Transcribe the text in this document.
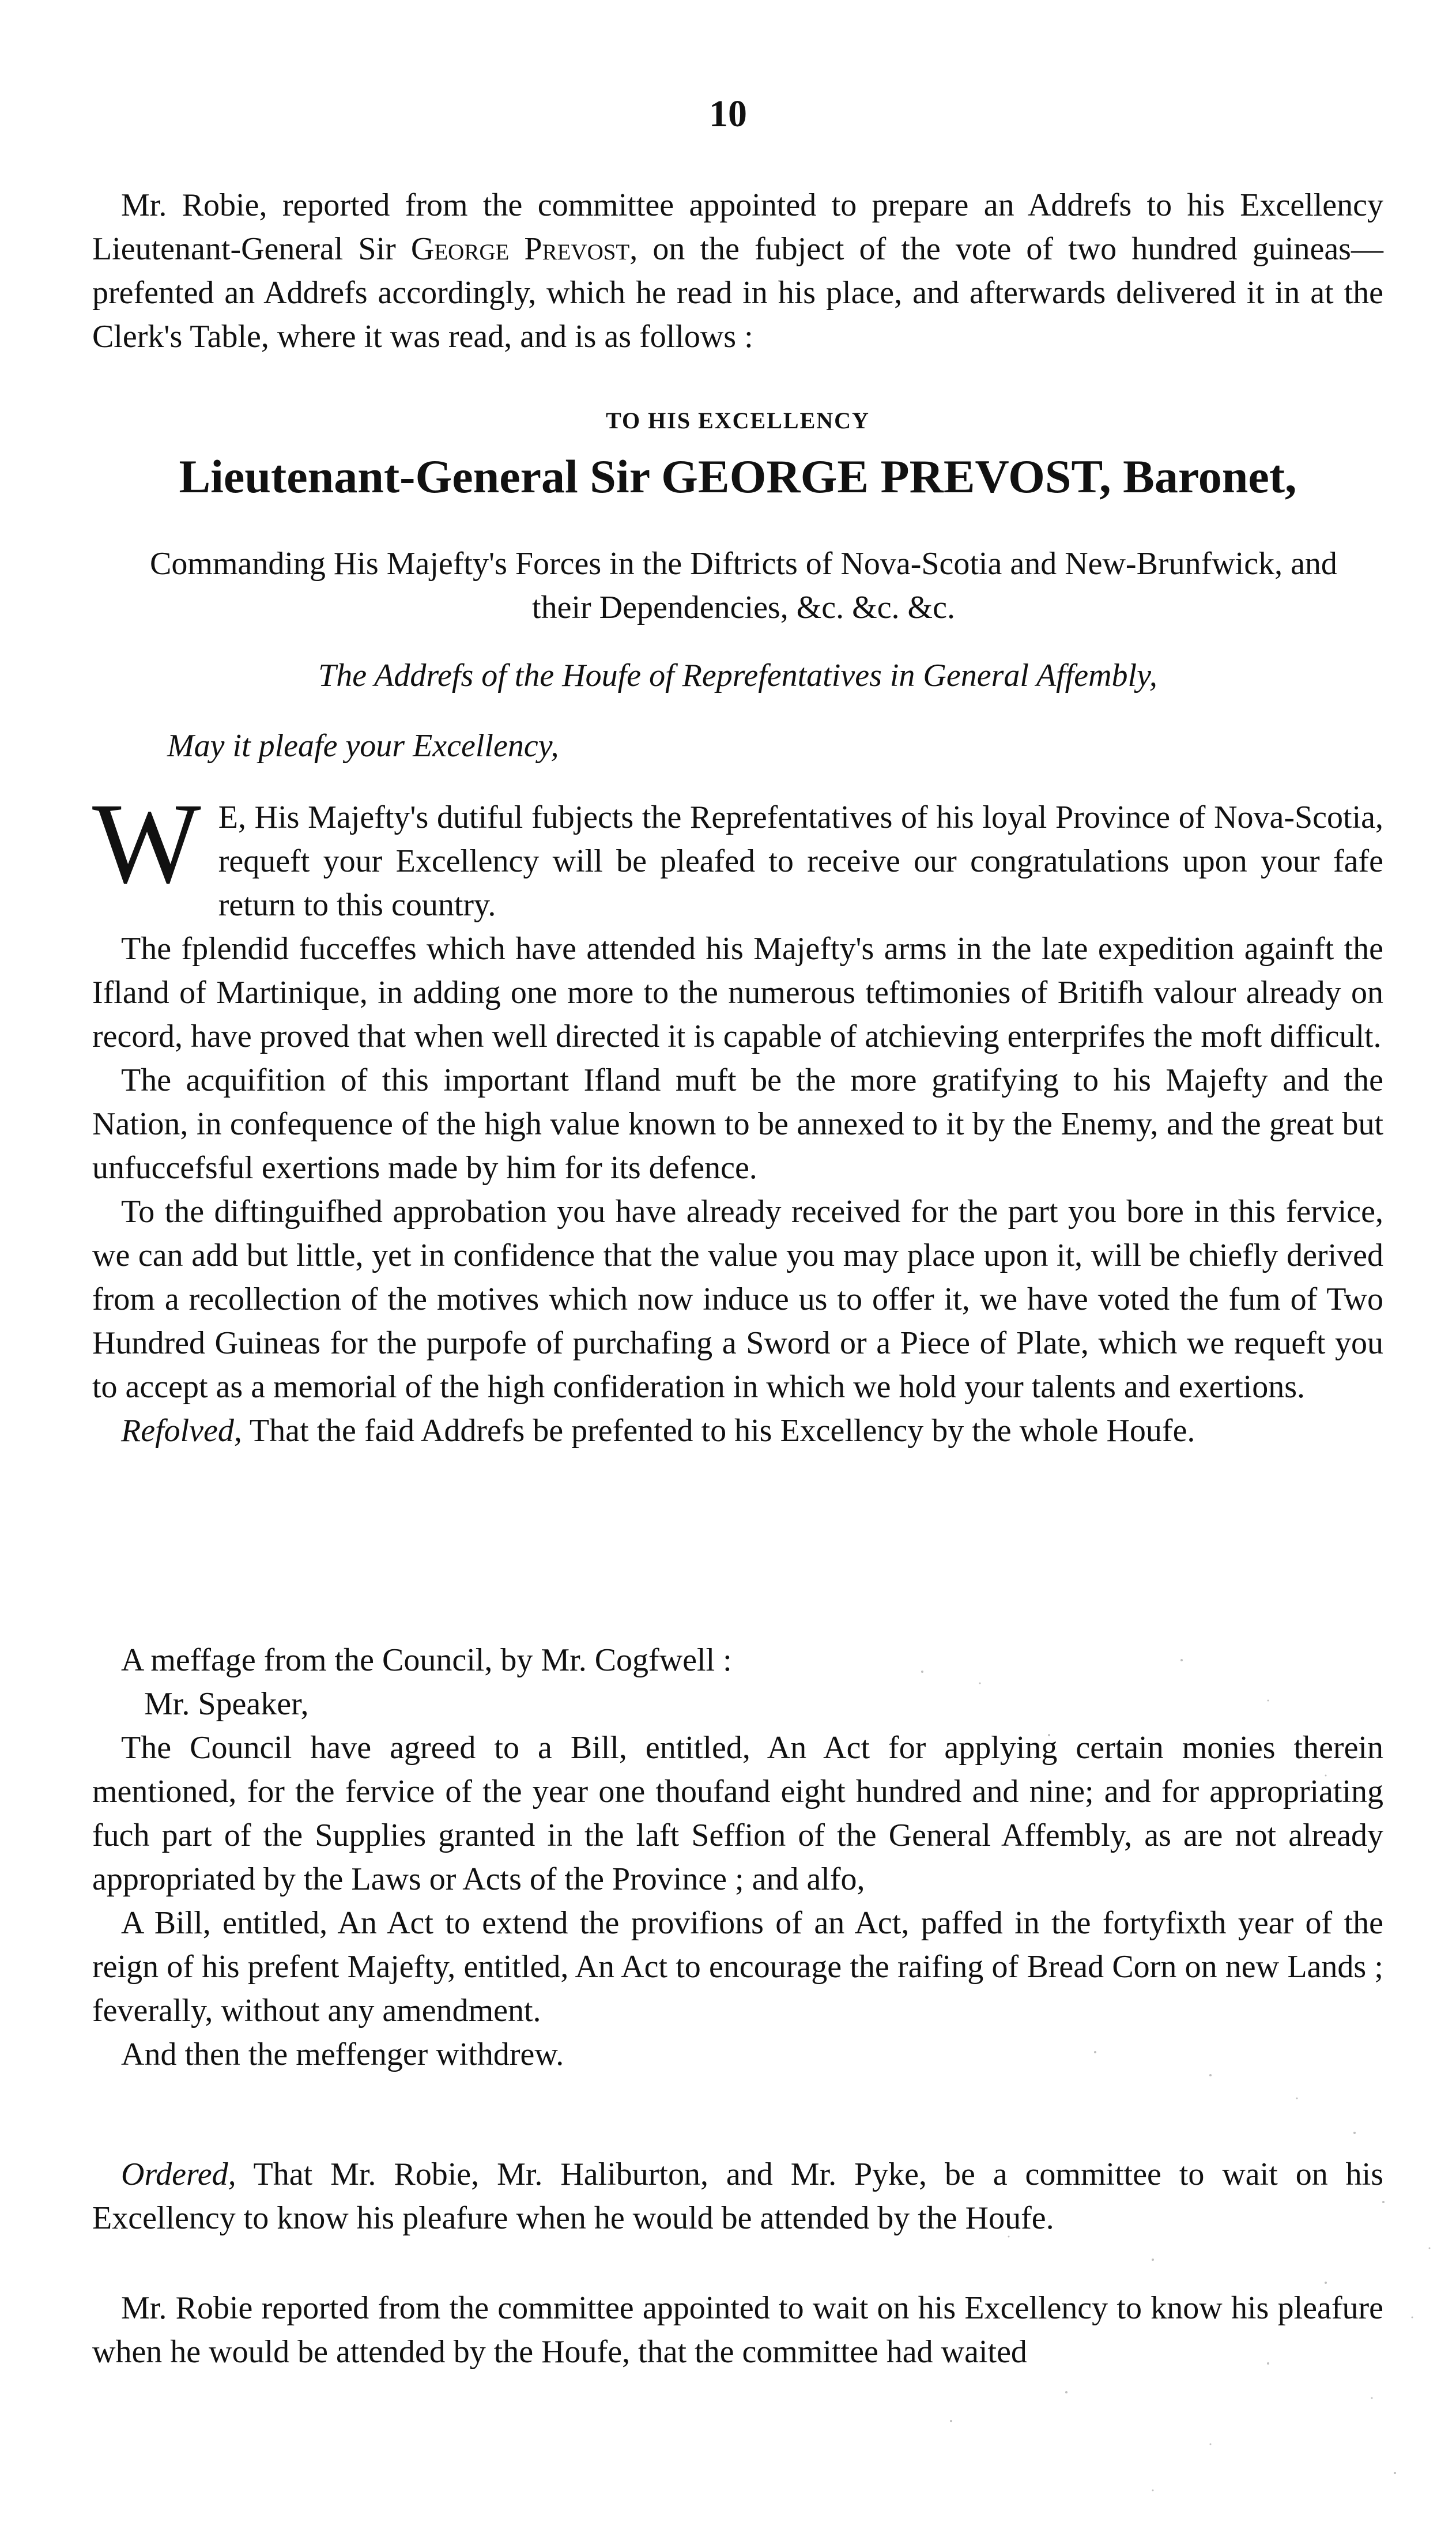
10

Mr. Robie, reported from the committee appointed to prepare an Addrefs to his Excellency Lieutenant-General Sir George Prevost, on the fubject of the vote of two hundred guineas—prefented an Addrefs accordingly, which he read in his place, and afterwards delivered it in at the Clerk's Table, where it was read, and is as follows :

TO HIS EXCELLENCY
Lieutenant-General Sir GEORGE PREVOST, Baronet,
Commanding His Majefty's Forces in the Diftricts of Nova-Scotia and New-Brunfwick, and their Dependencies, &c. &c. &c.
The Addrefs of the Houfe of Reprefentatives in General Affembly,
May it pleafe your Excellency,

W E, His Majefty's dutiful fubjects the Reprefentatives of his loyal Province of Nova-Scotia, requeft your Excellency will be pleafed to receive our congratulations upon your fafe return to this country.

The fplendid fucceffes which have attended his Majefty's arms in the late expedition againft the Ifland of Martinique, in adding one more to the numerous teftimonies of Britifh valour already on record, have proved that when well directed it is capable of atchieving enterprifes the moft difficult.

The acquifition of this important Ifland muft be the more gratifying to his Majefty and the Nation, in confequence of the high value known to be annexed to it by the Enemy, and the great but unfuccefsful exertions made by him for its defence.

To the diftinguifhed approbation you have already received for the part you bore in this fervice, we can add but little, yet in confidence that the value you may place upon it, will be chiefly derived from a recollection of the motives which now induce us to offer it, we have voted the fum of Two Hundred Guineas for the purpofe of purchafing a Sword or a Piece of Plate, which we requeft you to accept as a memorial of the high confideration in which we hold your talents and exertions.

Refolved, That the faid Addrefs be prefented to his Excellency by the whole Houfe.

A meffage from the Council, by Mr. Cogfwell :

Mr. Speaker,

The Council have agreed to a Bill, entitled, An Act for applying certain monies therein mentioned, for the fervice of the year one thoufand eight hundred and nine; and for appropriating fuch part of the Supplies granted in the laft Seffion of the General Affembly, as are not already appropriated by the Laws or Acts of the Province ; and alfo,

A Bill, entitled, An Act to extend the provifions of an Act, paffed in the fortyfixth year of the reign of his prefent Majefty, entitled, An Act to encourage the raifing of Bread Corn on new Lands ; feverally, without any amendment.

And then the meffenger withdrew.

Ordered, That Mr. Robie, Mr. Haliburton, and Mr. Pyke, be a committee to wait on his Excellency to know his pleafure when he would be attended by the Houfe.

Mr. Robie reported from the committee appointed to wait on his Excellency to know his pleafure when he would be attended by the Houfe, that the committee had waited
